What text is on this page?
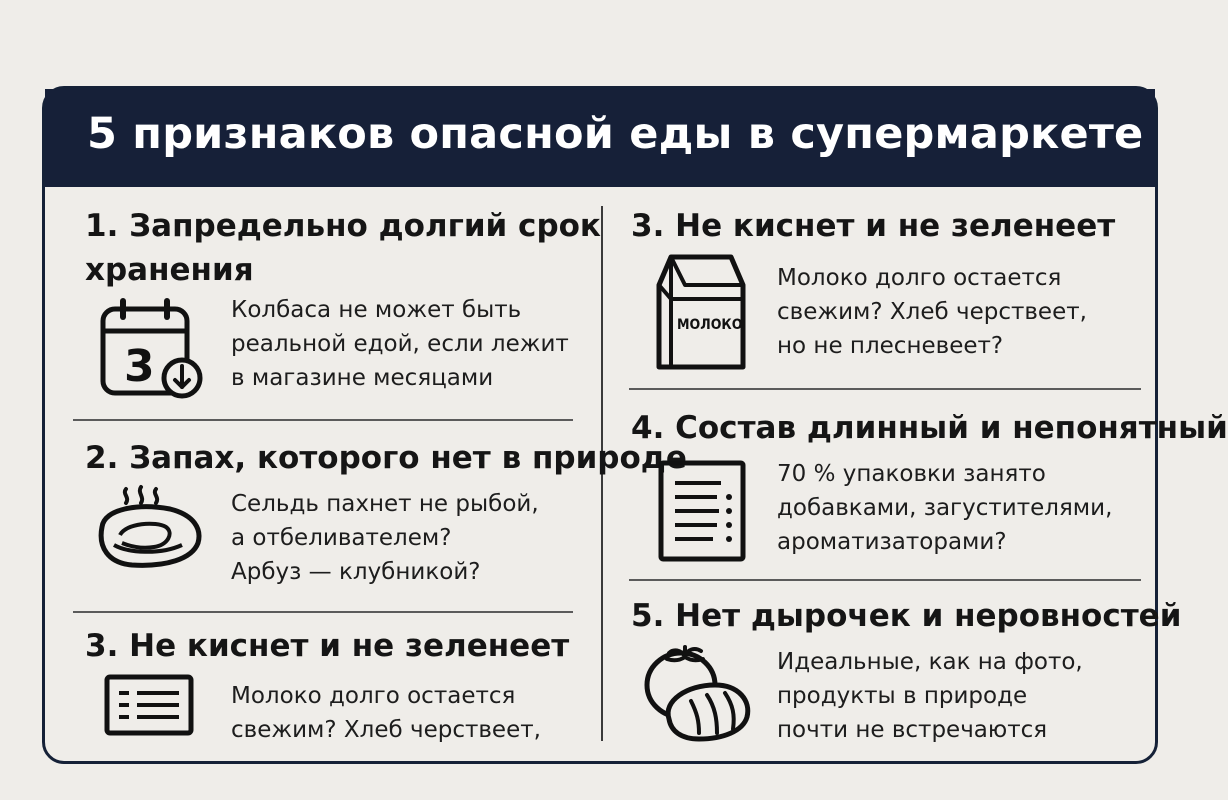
5 признаков опасной еды в супермаркете
1. Запредельно долгий срок
хранения
3
Колбаса не может быть
реальной едой, если лежит
в магазине месяцами
2. Запах, которого нет в природе
Сельдь пахнет не рыбой,
а отбеливателем?
Арбуз — клубникой?
3. Не киснет и не зеленеет
Молоко долго остается
свежим? Хлеб черствеет,
3. Не киснет и не зеленеет
МОЛОКО
Молоко долго остается
свежим? Хлеб черствеет,
но не плесневеет?
4. Состав длинный и непонятный
70 % упаковки занято
добавками, загустителями,
ароматизаторами?
5. Нет дырочек и неровностей
Идеальные, как на фото,
продукты в природе
почти не встречаются
